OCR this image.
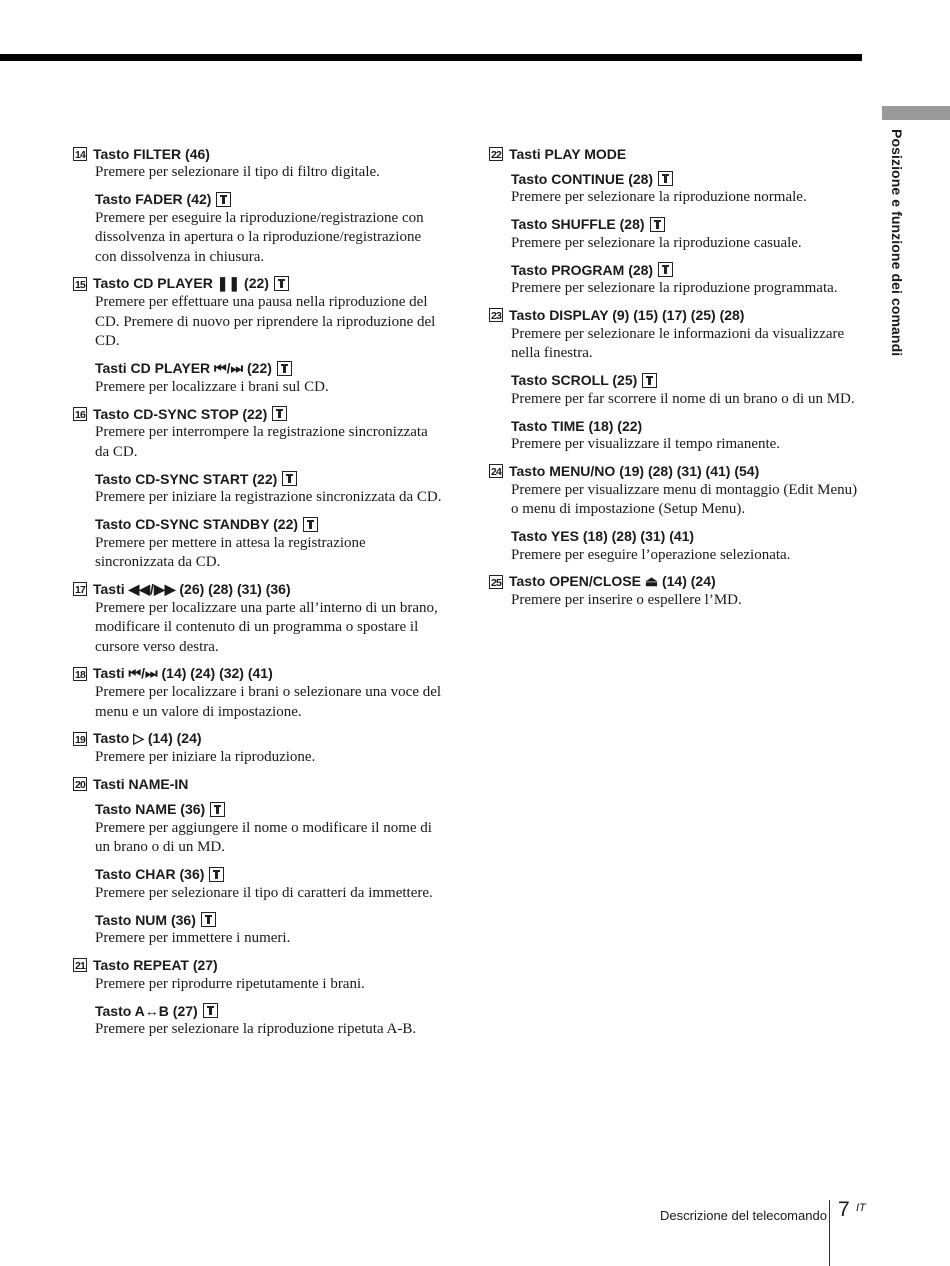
Posizione e funzione dei comandi
14 Tasto FILTER (46)
Premere per selezionare il tipo di filtro digitale.
Tasto FADER (42)
Premere per eseguire la riproduzione/registrazione con dissolvenza in apertura o la riproduzione/registrazione con dissolvenza in chiusura.
15 Tasto CD PLAYER ❚❚ (22)
Premere per effettuare una pausa nella riproduzione del CD. Premere di nuovo per riprendere la riproduzione del CD.
Tasti CD PLAYER ⏮/⏭ (22)
Premere per localizzare i brani sul CD.
16 Tasto CD-SYNC STOP (22)
Premere per interrompere la registrazione sincronizzata da CD.
Tasto CD-SYNC START (22)
Premere per iniziare la registrazione sincronizzata da CD.
Tasto CD-SYNC STANDBY (22)
Premere per mettere in attesa la registrazione sincronizzata da CD.
17 Tasti ◀◀/▶▶ (26) (28) (31) (36)
Premere per localizzare una parte all’interno di un brano, modificare il contenuto di un programma o spostare il cursore verso destra.
18 Tasti ⏮/⏭ (14) (24) (32) (41)
Premere per localizzare i brani o selezionare una voce del menu e un valore di impostazione.
19 Tasto ▷ (14) (24)
Premere per iniziare la riproduzione.
20 Tasti NAME-IN
Tasto NAME (36)
Premere per aggiungere il nome o modificare il nome di un brano o di un MD.
Tasto CHAR (36)
Premere per selezionare il tipo di caratteri da immettere.
Tasto NUM (36)
Premere per immettere i numeri.
21 Tasto REPEAT (27)
Premere per riprodurre ripetutamente i brani.
Tasto A↔B (27)
Premere per selezionare la riproduzione ripetuta A-B.
22 Tasti PLAY MODE
Tasto CONTINUE (28)
Premere per selezionare la riproduzione normale.
Tasto SHUFFLE (28)
Premere per selezionare la riproduzione casuale.
Tasto PROGRAM (28)
Premere per selezionare la riproduzione programmata.
23 Tasto DISPLAY (9) (15) (17) (25) (28)
Premere per selezionare le informazioni da visualizzare nella finestra.
Tasto SCROLL (25)
Premere per far scorrere il nome di un brano o di un MD.
Tasto TIME (18) (22)
Premere per visualizzare il tempo rimanente.
24 Tasto MENU/NO (19) (28) (31) (41) (54)
Premere per visualizzare menu di montaggio (Edit Menu) o menu di impostazione (Setup Menu).
Tasto YES (18) (28) (31) (41)
Premere per eseguire l’operazione selezionata.
25 Tasto OPEN/CLOSE ⏏ (14) (24)
Premere per inserire o espellere l’MD.
Descrizione del telecomando 7 IT
